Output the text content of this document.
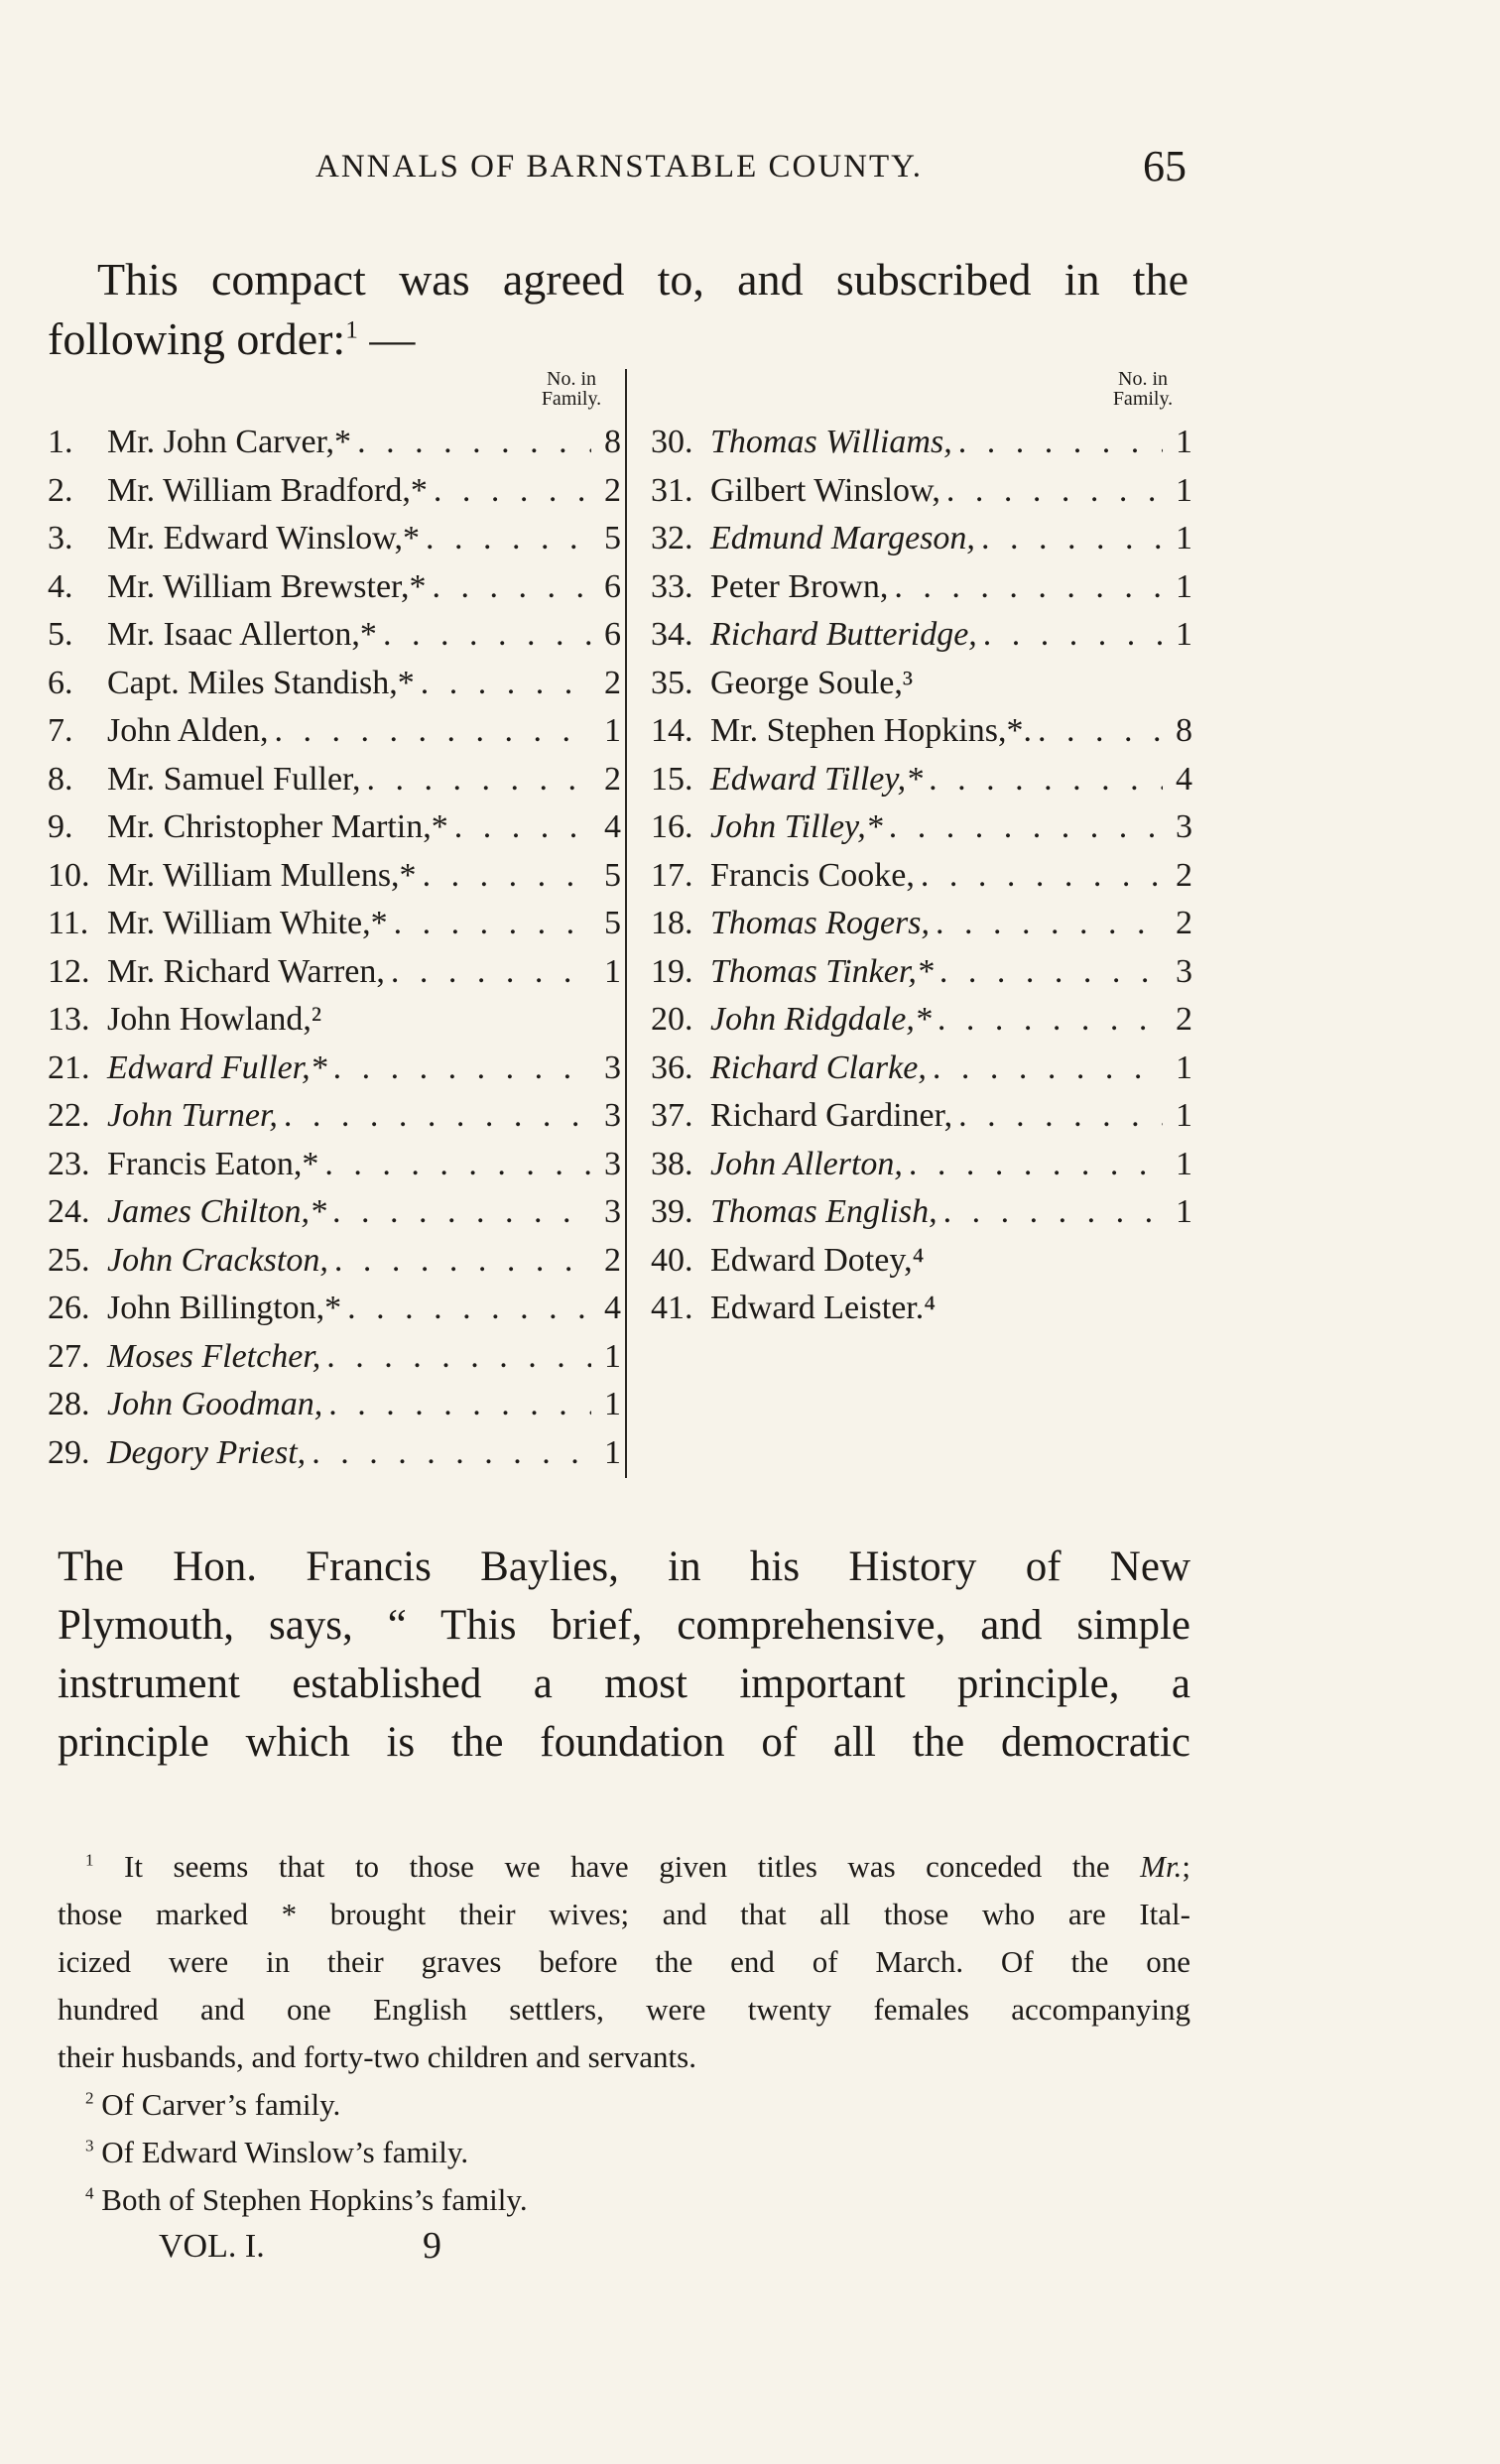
ANNALS OF BARNSTABLE COUNTY.	65

This compact was agreed to, and subscribed in the
following order:$^1$ —

No. in Family.
1.	Mr. John Carver,* . . .	8
2.	Mr. William Bradford,* . . .	2
3.	Mr. Edward Winslow,* . . .	5
4.	Mr. William Brewster,* . . .	6
5.	Mr. Isaac Allerton,* . . .	6
6.	Capt. Miles Standish,* . . .	2
7.	John Alden, . . .	1
8.	Mr. Samuel Fuller, . . .	2
9.	Mr. Christopher Martin,* . . .	4
10. Mr. William Mullens,* . . .	5
11. Mr. William White,* . . .	5
12. Mr. Richard Warren, . . .	1
13. John Howland,²
21. Edward Fuller,* . . .	3
22. John Turner, . . .	3
23. Francis Eaton,* . . .	3
24. James Chilton,* . . .	3
25. John Crackston, . . .	2
26. John Billington,* . . .	4
27. Moses Fletcher, . . .	1
28. John Goodman, . . .	1
29. Degory Priest, . . .	1
No. in Family.
30. Thomas Williams, . . .	1
31. Gilbert Winslow, . . .	1
32. Edmund Margeson, . . .	1
33. Peter Brown, . . .	1
34. Richard Butteridge, . . .	1
35. George Soule,³
14. Mr. Stephen Hopkins,*. . . .	8
15. Edward Tilley,* . . .	4
16. John Tilley,* . . .	3
17. Francis Cooke, . . .	2
18. Thomas Rogers, . . .	2
19. Thomas Tinker,* . . .	3
20. John Ridgdale,* . . .	2
36. Richard Clarke, . . .	1
37. Richard Gardiner, . . .	1
38. John Allerton, . . .	1
39. Thomas English, . . .	1
40. Edward Dotey,⁴
41. Edward Leister.⁴

The Hon. Francis Baylies, in his History of New
Plymouth, says, “ This brief, comprehensive, and simple
instrument established a most important principle, a
principle which is the foundation of all the democratic

$^1$ It seems that to those we have given titles was conceded the Mr.;
those marked * brought their wives; and that all those who are Ital-
icized were in their graves before the end of March. Of the one
hundred and one English settlers, were twenty females accompanying
their husbands, and forty-two children and servants.

$^2$ Of Carver’s family.

$^3$ Of Edward Winslow’s family.

$^4$ Both of Stephen Hopkins’s family.

VOL. I.	9
